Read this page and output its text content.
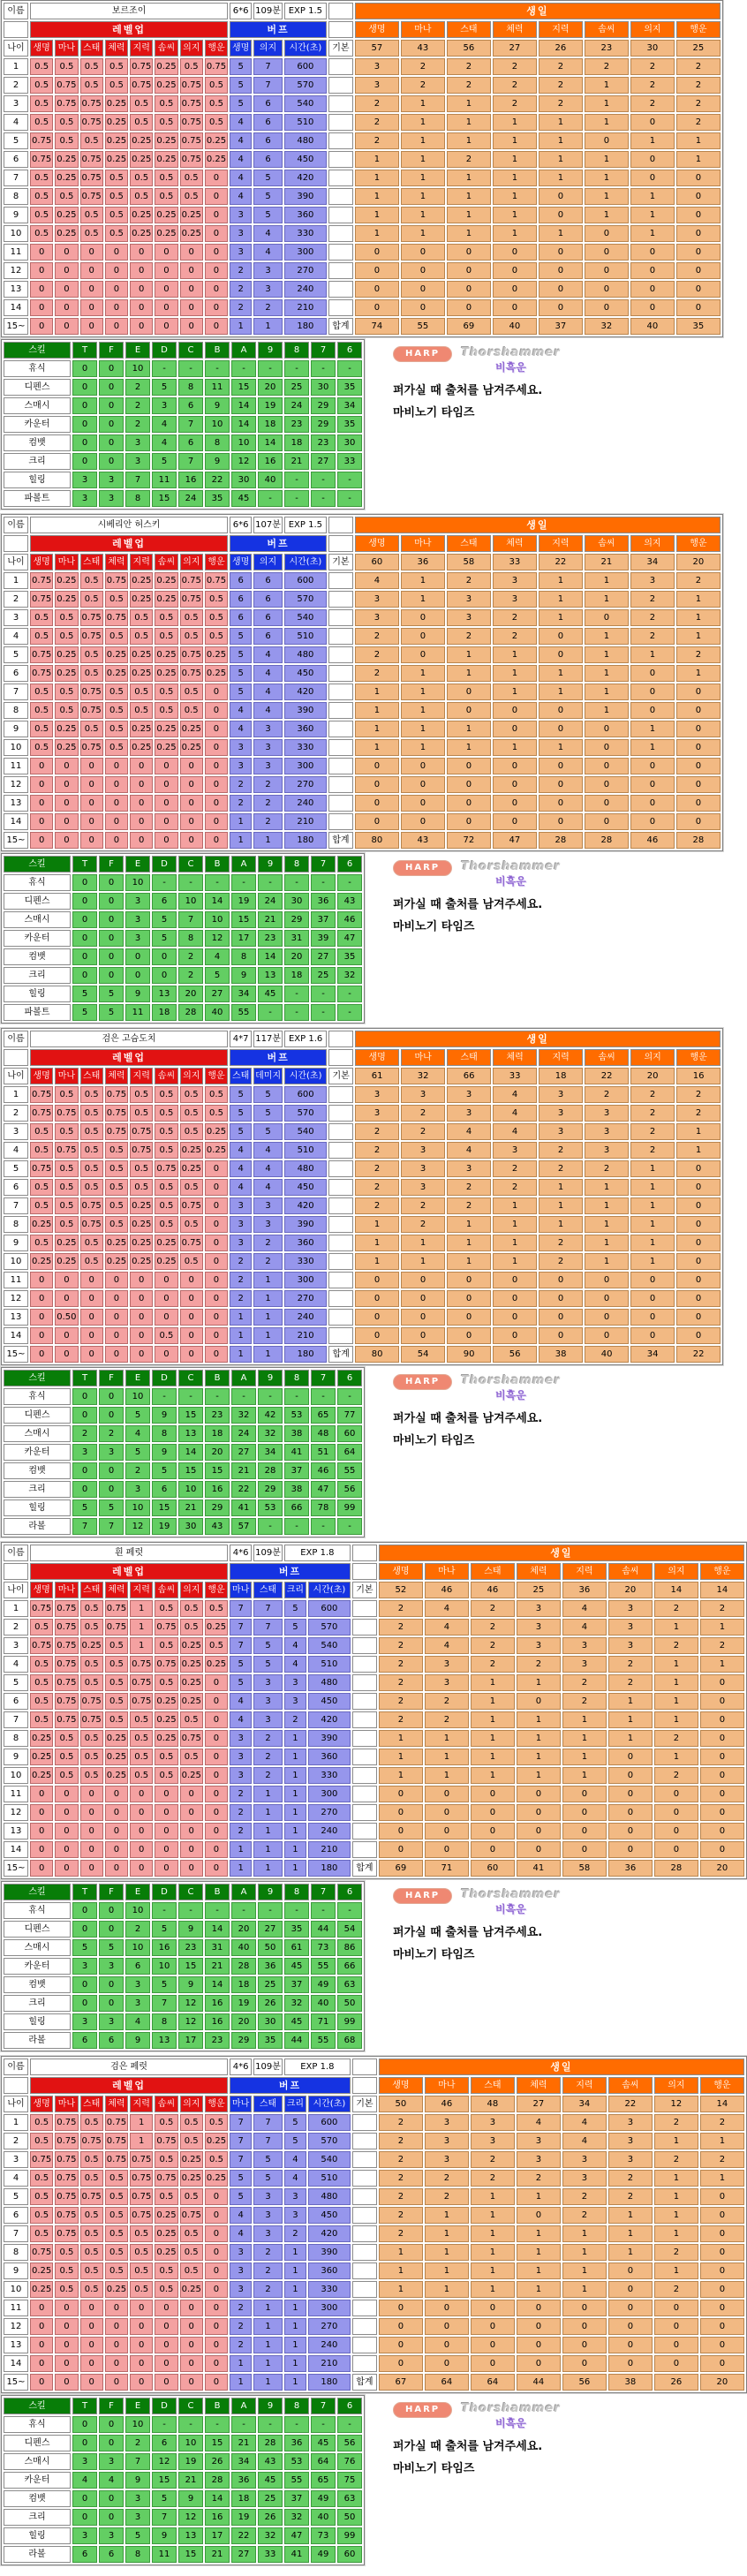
이름	보르조이								6*6	109분	EXP 1.5		생일							
	레벨업								버프				생명	마나	스태	체력	지력	솜씨	의지	행운
나이	생명	마나	스태	체력	지력	솜씨	의지	행운	생명	의지	시간(초)	기본	57	43	56	27	26	23	30	25
1	0.5	0.5	0.5	0.5	0.75	0.25	0.5	0.75	5	7	600		3	2	2	2	2	2	2	2
2	0.5	0.75	0.5	0.5	0.75	0.25	0.75	0.5	5	7	570		3	2	2	2	2	1	2	2
3	0.5	0.75	0.75	0.25	0.5	0.5	0.75	0.5	5	6	540		2	1	1	2	2	1	2	2
4	0.5	0.5	0.75	0.25	0.5	0.5	0.75	0.5	4	6	510		2	1	1	1	1	1	0	2
5	0.75	0.5	0.5	0.25	0.25	0.25	0.75	0.25	4	6	480		2	1	1	1	1	0	1	1
6	0.75	0.25	0.75	0.25	0.25	0.25	0.75	0.25	4	6	450		1	1	2	1	1	1	0	1
7	0.5	0.25	0.75	0.5	0.5	0.5	0.5	0	4	5	420		1	1	1	1	1	1	0	0
8	0.5	0.5	0.75	0.5	0.5	0.5	0.5	0	4	5	390		1	1	1	1	0	1	1	0
9	0.5	0.25	0.5	0.5	0.25	0.25	0.25	0	3	5	360		1	1	1	1	0	1	1	0
10	0.5	0.25	0.5	0.5	0.25	0.25	0.25	0	3	4	330		1	1	1	1	1	0	1	0
11	0	0	0	0	0	0	0	0	3	4	300		0	0	0	0	0	0	0	0
12	0	0	0	0	0	0	0	0	2	3	270		0	0	0	0	0	0	0	0
13	0	0	0	0	0	0	0	0	2	3	240		0	0	0	0	0	0	0	0
14	0	0	0	0	0	0	0	0	2	2	210		0	0	0	0	0	0	0	0
15~	0	0	0	0	0	0	0	0	1	1	180	합계	74	55	69	40	37	32	40	35
스킬	T	F	E	D	C	B	A	9	8	7	6
휴식	0	0	10	-	-	-	-	-	-	-	-
디펜스	0	0	2	5	8	11	15	20	25	30	35
스매시	0	0	2	3	6	9	14	19	24	29	34
카운터	0	0	2	4	7	10	14	18	23	29	35
컴뱃	0	0	3	4	6	8	10	14	18	23	30
크리	0	0	3	5	7	9	12	16	21	27	33
힐링	3	3	7	11	16	22	30	40	-	-	-
파볼트	3	3	8	15	24	35	45	-	-	-	-
HARP	Thorshammer
비흑운
퍼가실 때 출처를 남겨주세요.
마비노기 타임즈
이름	시베리안 허스키								6*6	107분	EXP 1.5		생일							
	레벨업								버프				생명	마나	스태	체력	지력	솜씨	의지	행운
나이	생명	마나	스태	체력	지력	솜씨	의지	행운	생명	의지	시간(초)	기본	60	36	58	33	22	21	34	20
1	0.75	0.25	0.5	0.75	0.25	0.25	0.75	0.75	6	6	600		4	1	2	3	1	1	3	2
2	0.75	0.25	0.5	0.5	0.25	0.25	0.75	0.5	6	6	570		3	1	3	3	1	1	2	1
3	0.5	0.5	0.75	0.75	0.5	0.5	0.5	0.5	6	6	540		3	0	3	2	1	0	2	1
4	0.5	0.5	0.75	0.5	0.5	0.5	0.5	0.5	5	6	510		2	0	2	2	0	1	2	1
5	0.75	0.25	0.5	0.25	0.25	0.25	0.75	0.25	5	4	480		2	0	1	1	0	1	1	2
6	0.75	0.25	0.5	0.25	0.25	0.25	0.75	0.25	5	4	450		2	1	1	1	1	1	0	1
7	0.5	0.5	0.75	0.5	0.5	0.5	0.5	0	5	4	420		1	1	0	1	1	1	0	0
8	0.5	0.5	0.75	0.5	0.5	0.5	0.5	0	4	4	390		1	1	0	0	0	1	0	0
9	0.5	0.25	0.5	0.5	0.25	0.25	0.25	0	4	3	360		1	1	1	0	0	0	1	0
10	0.5	0.25	0.75	0.5	0.25	0.25	0.25	0	3	3	330		1	1	1	1	1	0	1	0
11	0	0	0	0	0	0	0	0	3	3	300		0	0	0	0	0	0	0	0
12	0	0	0	0	0	0	0	0	2	2	270		0	0	0	0	0	0	0	0
13	0	0	0	0	0	0	0	0	2	2	240		0	0	0	0	0	0	0	0
14	0	0	0	0	0	0	0	0	1	2	210		0	0	0	0	0	0	0	0
15~	0	0	0	0	0	0	0	0	1	1	180	합계	80	43	72	47	28	28	46	28
스킬	T	F	E	D	C	B	A	9	8	7	6
휴식	0	0	10	-	-	-	-	-	-	-	-
디펜스	0	0	3	6	10	14	19	24	30	36	43
스매시	0	0	3	5	7	10	15	21	29	37	46
카운터	0	0	3	5	8	12	17	23	31	39	47
컴뱃	0	0	0	0	2	4	8	14	20	27	35
크리	0	0	0	0	2	5	9	13	18	25	32
힐링	5	5	9	13	20	27	34	45	-	-	-
파볼트	5	5	11	18	28	40	55	-	-	-	-
HARP	Thorshammer
비흑운
퍼가실 때 출처를 남겨주세요.
마비노기 타임즈
이름	검은 고슴도치								4*7	117분	EXP 1.6		생일							
	레벨업								버프				생명	마나	스태	체력	지력	솜씨	의지	행운
나이	생명	마나	스태	체력	지력	솜씨	의지	행운	스태	데미지	시간(초)	기본	61	32	66	33	18	22	20	16
1	0.75	0.5	0.5	0.75	0.5	0.5	0.5	0.5	5	5	600		3	3	3	4	3	2	2	2
2	0.75	0.75	0.5	0.75	0.5	0.5	0.5	0.5	5	5	570		3	2	3	4	3	3	2	2
3	0.5	0.5	0.5	0.75	0.75	0.5	0.5	0.25	5	5	540		2	2	4	4	3	3	2	1
4	0.5	0.75	0.5	0.5	0.75	0.5	0.25	0.25	4	4	510		2	3	4	3	2	3	2	1
5	0.75	0.5	0.5	0.5	0.5	0.75	0.25	0	4	4	480		2	3	3	2	2	2	1	0
6	0.5	0.5	0.5	0.5	0.5	0.5	0.5	0	4	4	450		2	3	2	2	1	1	1	0
7	0.5	0.5	0.75	0.5	0.25	0.5	0.75	0	3	3	420		2	2	2	1	1	1	1	0
8	0.25	0.5	0.75	0.5	0.25	0.5	0.5	0	3	3	390		1	2	1	1	1	1	1	0
9	0.5	0.25	0.5	0.25	0.25	0.25	0.75	0	3	2	360		1	1	1	1	2	1	1	0
10	0.25	0.25	0.5	0.25	0.25	0.25	0.5	0	2	2	330		1	1	1	1	2	1	1	0
11	0	0	0	0	0	0	0	0	2	1	300		0	0	0	0	0	0	0	0
12	0	0	0	0	0	0	0	0	2	1	270		0	0	0	0	0	0	0	0
13	0	0.50	0	0	0	0	0	0	1	1	240		0	0	0	0	0	0	0	0
14	0	0	0	0	0	0.5	0	0	1	1	210		0	0	0	0	0	0	0	0
15~	0	0	0	0	0	0	0	0	1	1	180	합계	80	54	90	56	38	40	34	22
스킬	T	F	E	D	C	B	A	9	8	7	6
휴식	0	0	10	-	-	-	-	-	-	-	-
디펜스	0	0	5	9	15	23	32	42	53	65	77
스매시	2	2	4	8	13	18	24	32	38	48	60
카운터	3	3	5	9	14	20	27	34	41	51	64
컴뱃	0	0	2	5	15	15	21	28	37	46	55
크리	0	0	3	6	10	16	22	29	38	47	56
힐링	5	5	10	15	21	29	41	53	66	78	99
라볼	7	7	12	19	30	43	57	-	-	-	-
HARP	Thorshammer
비흑운
퍼가실 때 출처를 남겨주세요.
마비노기 타임즈
이름	흰 페럿								4*6	109분	EXP 1.8			생일							
	레벨업								버프					생명	마나	스태	체력	지력	솜씨	의지	행운
나이	생명	마나	스태	체력	지력	솜씨	의지	행운	마나	스태	크리	시간(초)	기본	52	46	46	25	36	20	14	14
1	0.75	0.75	0.5	0.75	1	0.5	0.5	0.5	7	7	5	600		2	4	2	3	4	3	2	2
2	0.5	0.75	0.5	0.75	1	0.75	0.5	0.25	7	7	5	570		2	4	2	3	4	3	1	1
3	0.75	0.75	0.25	0.5	1	0.5	0.25	0.5	7	5	4	540		2	4	2	3	3	3	2	2
4	0.5	0.75	0.5	0.5	0.75	0.75	0.25	0.25	5	5	4	510		2	3	2	2	3	2	1	1
5	0.5	0.75	0.5	0.5	0.75	0.5	0.25	0	5	3	3	480		2	3	1	1	2	2	1	0
6	0.5	0.75	0.75	0.5	0.75	0.25	0.25	0	4	3	3	450		2	2	1	0	2	1	1	0
7	0.5	0.75	0.75	0.5	0.5	0.25	0.5	0	4	3	2	420		2	2	1	1	1	1	1	0
8	0.25	0.5	0.5	0.25	0.5	0.25	0.75	0	3	2	1	390		1	1	1	1	1	1	2	0
9	0.25	0.5	0.5	0.25	0.5	0.5	0.5	0	3	2	1	360		1	1	1	1	1	0	1	0
10	0.25	0.5	0.5	0.25	0.5	0.5	0.25	0	3	2	1	330		1	1	1	1	1	0	2	0
11	0	0	0	0	0	0	0	0	2	1	1	300		0	0	0	0	0	0	0	0
12	0	0	0	0	0	0	0	0	2	1	1	270		0	0	0	0	0	0	0	0
13	0	0	0	0	0	0	0	0	2	1	1	240		0	0	0	0	0	0	0	0
14	0	0	0	0	0	0	0	0	1	1	1	210		0	0	0	0	0	0	0	0
15~	0	0	0	0	0	0	0	0	1	1	1	180	합계	69	71	60	41	58	36	28	20
스킬	T	F	E	D	C	B	A	9	8	7	6
휴식	0	0	10	-	-	-	-	-	-	-	-
디펜스	0	0	2	5	9	14	20	27	35	44	54
스매시	5	5	10	16	23	31	40	50	61	73	86
카운터	3	3	6	10	15	21	28	36	45	55	66
컴뱃	0	0	3	5	9	14	18	25	37	49	63
크리	0	0	3	7	12	16	19	26	32	40	50
힐링	3	3	4	8	12	16	20	30	45	71	99
라볼	6	6	9	13	17	23	29	35	44	55	68
HARP	Thorshammer
비흑운
퍼가실 때 출처를 남겨주세요.
마비노기 타임즈
이름	검은 페럿								4*6	109분	EXP 1.8			생일							
	레벨업								버프					생명	마나	스태	체력	지력	솜씨	의지	행운
나이	생명	마나	스태	체력	지력	솜씨	의지	행운	마나	스태	크리	시간(초)	기본	50	46	48	27	34	22	12	14
1	0.5	0.75	0.5	0.75	1	0.5	0.5	0.5	7	7	5	600		2	3	3	4	4	3	2	2
2	0.5	0.75	0.75	0.75	1	0.75	0.5	0.25	7	7	5	570		2	3	3	3	4	3	1	1
3	0.75	0.75	0.5	0.75	0.75	0.5	0.25	0.5	7	5	4	540		2	3	2	3	3	3	2	2
4	0.5	0.75	0.5	0.5	0.75	0.75	0.25	0.25	5	5	4	510		2	2	2	2	3	2	1	1
5	0.5	0.75	0.75	0.5	0.75	0.5	0.5	0	5	3	3	480		2	2	1	1	2	2	1	0
6	0.5	0.75	0.5	0.5	0.75	0.25	0.75	0	4	3	3	450		2	1	1	0	2	1	1	0
7	0.5	0.75	0.5	0.5	0.5	0.25	0.5	0	4	3	2	420		2	1	1	1	1	1	1	0
8	0.75	0.5	0.5	0.5	0.5	0.25	0.5	0	3	2	1	390		1	1	1	1	1	1	2	0
9	0.25	0.5	0.5	0.5	0.5	0.5	0.5	0	3	2	1	360		1	1	1	1	1	0	1	0
10	0.25	0.5	0.5	0.25	0.5	0.5	0.25	0	3	2	1	330		1	1	1	1	1	0	2	0
11	0	0	0	0	0	0	0	0	2	1	1	300		0	0	0	0	0	0	0	0
12	0	0	0	0	0	0	0	0	2	1	1	270		0	0	0	0	0	0	0	0
13	0	0	0	0	0	0	0	0	2	1	1	240		0	0	0	0	0	0	0	0
14	0	0	0	0	0	0	0	0	1	1	1	210		0	0	0	0	0	0	0	0
15~	0	0	0	0	0	0	0	0	1	1	1	180	합계	67	64	64	44	56	38	26	20
스킬	T	F	E	D	C	B	A	9	8	7	6
휴식	0	0	10	-	-	-	-	-	-	-	-
디펜스	0	0	2	6	10	15	21	28	36	45	56
스매시	3	3	7	12	19	26	34	43	53	64	76
카운터	4	4	9	15	21	28	36	45	55	65	75
컴뱃	0	0	3	5	9	14	18	25	37	49	63
크리	0	0	3	7	12	16	19	26	32	40	50
힐링	3	3	5	9	13	17	22	32	47	73	99
라볼	6	6	8	11	15	21	27	33	41	49	60
HARP	Thorshammer
비흑운
퍼가실 때 출처를 남겨주세요.
마비노기 타임즈
